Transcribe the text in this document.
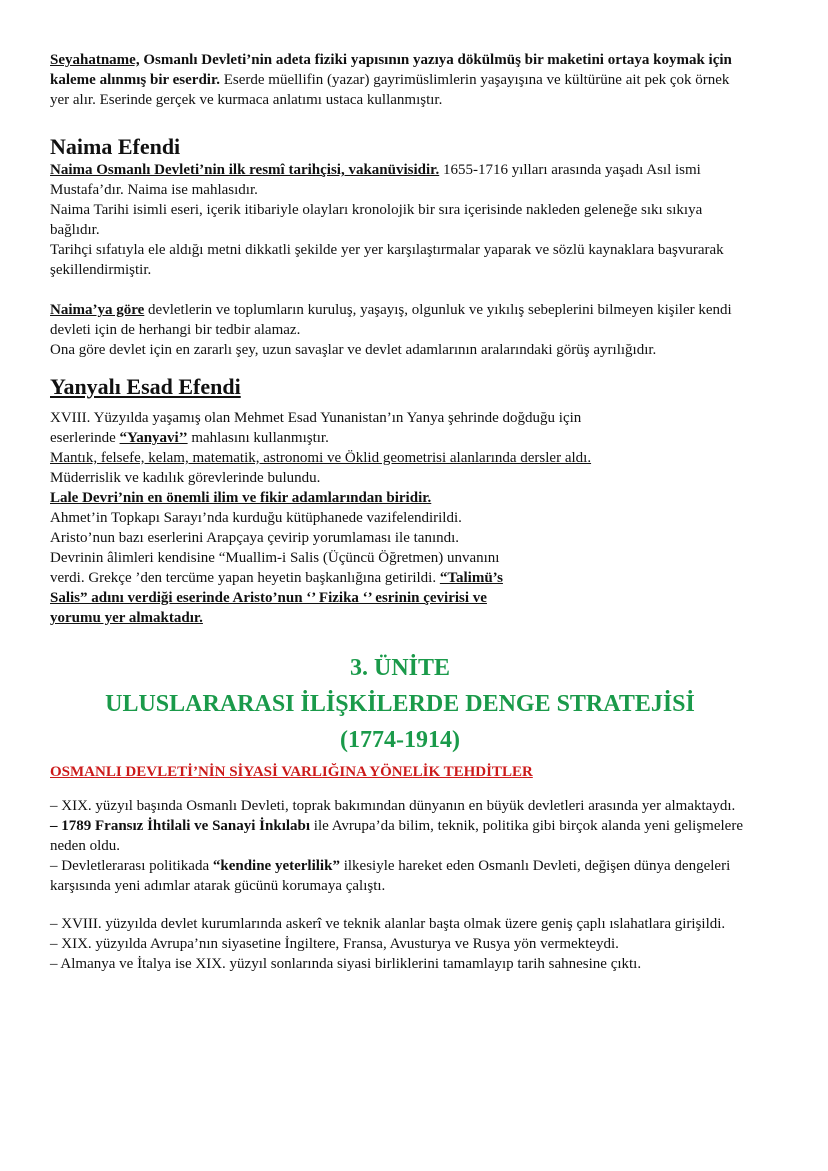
Seyahatname, Osmanlı Devleti’nin adeta fiziki yapısının yazıya dökülmüş bir maketini ortaya koymak için kaleme alınmış bir eserdir. Eserde müellifin (yazar) gayrimüslimlerin yaşayışına ve kültürüne ait pek çok örnek yer alır. Eserinde gerçek ve kurmaca anlatımı ustaca kullanmıştır.

Naima Efendi

Naima Osmanlı Devleti’nin ilk resmî tarihçisi, vakanüvisidir. 1655-1716 yılları arasında yaşadı Asıl ismi Mustafa’dır. Naima ise mahlasıdır.

Naima Tarihi isimli eseri, içerik itibariyle olayları kronolojik bir sıra içerisinde nakleden geleneğe sıkı sıkıya bağlıdır.

Tarihçi sıfatıyla ele aldığı metni dikkatli şekilde yer yer karşılaştırmalar yaparak ve sözlü kaynaklara başvurarak şekillendirmiştir.

Naima’ya göre devletlerin ve toplumların kuruluş, yaşayış, olgunluk ve yıkılış sebeplerini bilmeyen kişiler kendi devleti için de herhangi bir tedbir alamaz.

Ona göre devlet için en zararlı şey, uzun savaşlar ve devlet adamlarının aralarındaki görüş ayrılığıdır.

Yanyalı Esad Efendi

XVIII. Yüzyılda yaşamış olan Mehmet Esad Yunanistan’ın Yanya şehrinde doğduğu için

eserlerinde “Yanyavi’’ mahlasını kullanmıştır.

Mantık, felsefe, kelam, matematik, astronomi ve Öklid geometrisi alanlarında dersler aldı.

Müderrislik ve kadılık görevlerinde bulundu.

Lale Devri’nin en önemli ilim ve fikir adamlarından biridir.

Ahmet’in Topkapı Sarayı’nda kurduğu kütüphanede vazifelendirildi.

Aristo’nun bazı eserlerini Arapçaya çevirip yorumlaması ile tanındı.

Devrinin âlimleri kendisine “Muallim-i Salis (Üçüncü Öğretmen) unvanını

verdi. Grekçe ’den tercüme yapan heyetin başkanlığına getirildi. “Talimü’s

Salis” adını verdiği eserinde Aristo’nun ‘’ Fizika ‘’ esrinin çevirisi ve

yorumu yer almaktadır.

3. ÜNİTE
ULUSLARARASI İLİŞKİLERDE DENGE STRATEJİSİ
(1774-1914)

OSMANLI DEVLETİ’NİN SİYASİ VARLIĞINA YÖNELİK TEHDİTLER

– XIX. yüzyıl başında Osmanlı Devleti, toprak bakımından dünyanın en büyük devletleri arasında yer almaktaydı.

– 1789 Fransız İhtilali ve Sanayi İnkılabı ile Avrupa’da bilim, teknik, politika gibi birçok alanda yeni gelişmelere neden oldu.

– Devletlerarası politikada “kendine yeterlilik” ilkesiyle hareket eden Osmanlı Devleti, değişen dünya dengeleri karşısında yeni adımlar atarak gücünü korumaya çalıştı.

– XVIII. yüzyılda devlet kurumlarında askerî ve teknik alanlar başta olmak üzere geniş çaplı ıslahatlara girişildi.

– XIX. yüzyılda Avrupa’nın siyasetine İngiltere, Fransa, Avusturya ve Rusya yön vermekteydi.

– Almanya ve İtalya ise XIX. yüzyıl sonlarında siyasi birliklerini tamamlayıp tarih sahnesine çıktı.
